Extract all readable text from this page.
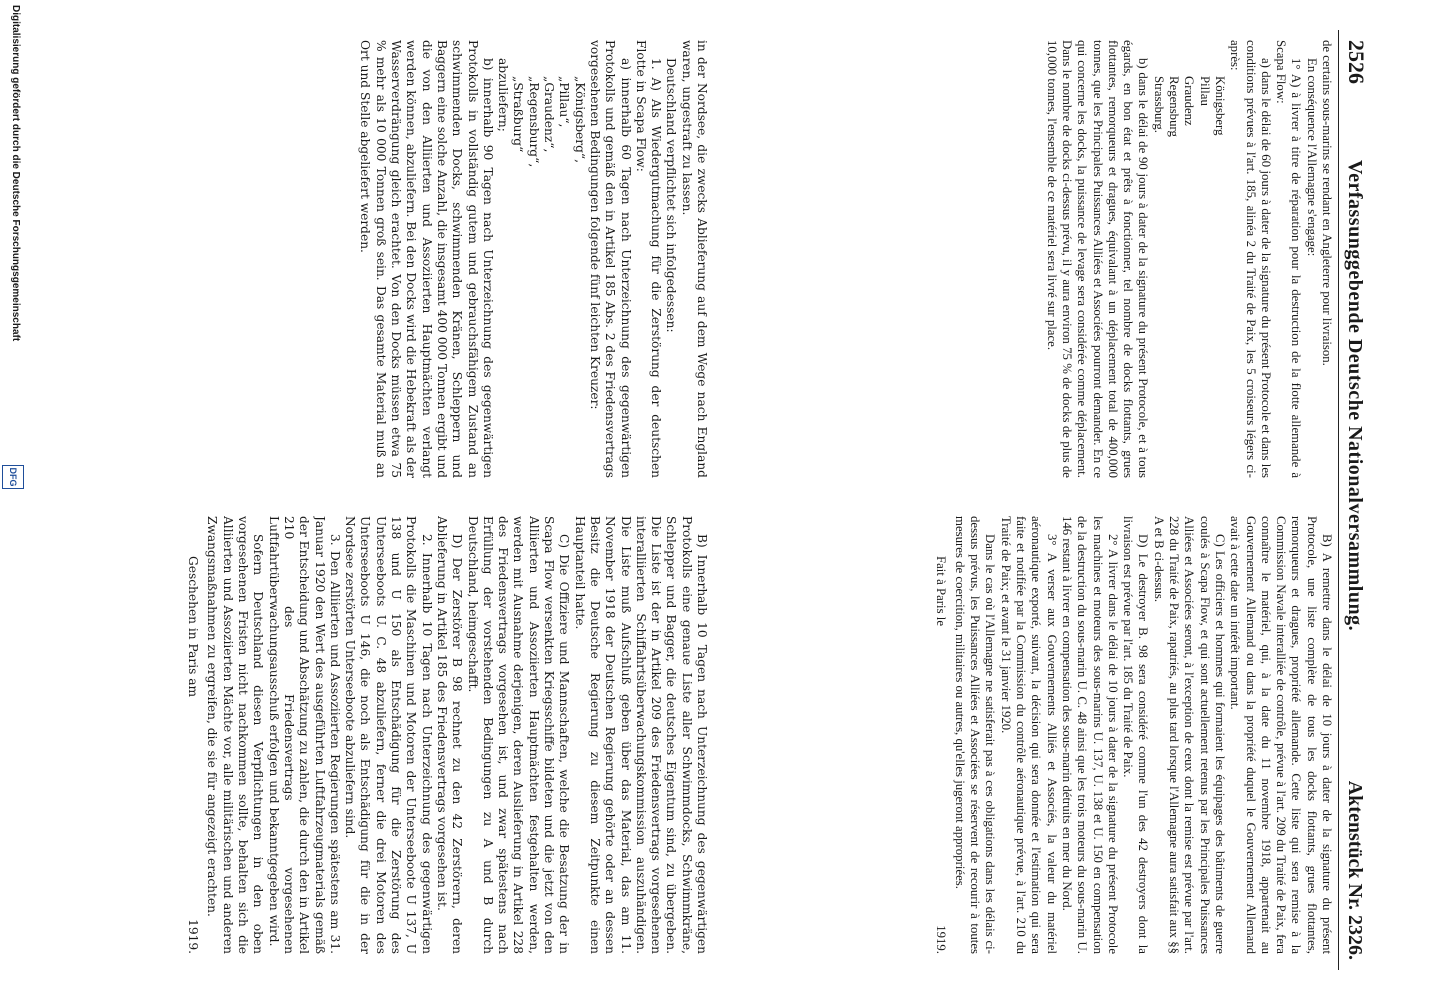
2526
Verfassunggebende Deutsche Nationalversammlung.
Aktenstück Nr. 2326.

de certains sous-marins se rendant en Angleterre pour livraison.

En conséquence l'Allemagne s'engage:

1° A) à livrer à titre de réparation pour la destruction de la flotte allemande à Scapa Flow:

a) dans le délai de 60 jours à dater de la signature du présent Protocole et dans les conditions prévues à l'art. 185, alinéa 2 du Traité de Paix, les 5 croiseurs légers ci-après:

Königsberg

Pillau

Graudenz

Regensburg

Strassburg.

b) dans le délai de 90 jours à dater de la signature du présent Protocole, et à tous égards, en bon état et prêts à fonctionner, tel nombre de docks flottants, grues flottantes, remorqueurs et dragues, équivalant à un déplacement total de 400,000 tonnes, que les Principales Puissances Alliées et Associées pourront demander. En ce qui concerne les docks, la puissance de levage sera considérée comme déplacement. Dans le nombre de docks ci-dessus prévu, il y aura environ 75 % de docks de plus de 10,000 tonnes, l'ensemble de ce matériel sera livré sur place.

B) A remettre dans le délai de 10 jours à dater de la signature du présent Protocole, une liste complète de tous les docks flottants, grues flottantes, remorqueurs et dragues, propriété allemande. Cette liste qui sera remise à la Commission Navale interalliée de contrôle, prévue à l'art. 209 du Traité de Paix, fera connaître le matériel, qui, à la date du 11 novembre 1918, appartenait au Gouvernement Allemand ou dans la propriété duquel le Gouvernement Allemand avait à cette date un intérêt important.

C) Les officiers et hommes qui formaient les équipages des bâtiments de guerre coulés à Scapa Flow, et qui sont actuellement retenus par les Principales Puissances Alliées et Associées seront, à l'exception de ceux dont la remise est prévue par l'art. 228 du Traité de Paix, rapatriés, au plus tard lorsque l'Allemagne aura satisfait aux §§ A et B ci-dessus.

D) Le destroyer B. 98 sera considéré comme l'un des 42 destroyers dont la livraison est prévue par l'art. 185 du Traité de Paix.

2° A livrer dans le délai de 10 jours à dater de la signature du présent Protocole les machines et moteurs des sous-marins U. 137, U. 138 et U. 150 en compensation de la destruction du sous-marin U. C. 48 ainsi que les trois moteurs du sous-marin U. 146 restant à livrer en compensation des sous-marin détruits en mer du Nord.

3° A verser aux Gouvernements Alliés et Associés, la valeur du matériel aéronautique exporté, suivant, la décision qui sera donnée et l'estimation qui sera faite et notifiée par la Commission du contrôle aéronautique prévue, à l'art. 210 du Traité de Paix; et avant le 31 janvier 1920.

Dans le cas où l'Allemagne ne satisferait pas à ces obligations dans les délais ci-dessus prévus, les Puissances Alliées et Associées se réservent de recourir à toutes mesures de coercition, militaires ou autres, qu'elles jugeront appropriées.

Fait à Paris le
1919.

in der Nordsee, die zwecks Ablieferung auf dem Wege nach England waren, ungestraft zu lassen.

Deutschland verpflichtet sich infolgedessen:

1. A) Als Wiedergutmachung für die Zerstörung der deutschen Flotte in Scapa Flow:

a) innerhalb 60 Tagen nach Unterzeichnung des gegenwärtigen Protokolls und gemäß den in Artikel 185 Abs. 2 des Friedensvertrags vorgesehenen Bedingungen folgende fünf leichten Kreuzer:

„Königsberg“,

„Pillau“,

„Graudenz“,

„Regensburg“,

„Straßburg“

abzuliefern;

b) innerhalb 90 Tagen nach Unterzeichnung des gegenwärtigen Protokolls in vollständig gutem und gebrauchsfähigem Zustand an schwimmenden Docks, schwimmenden Kränen, Schleppern und Baggern eine solche Anzahl, die insgesamt 400 000 Tonnen ergibt und die von den Alliierten und Assoziierten Hauptmächten verlangt werden können, abzuliefern. Bei den Docks wird die Hebekraft als der Wasserverdrängung gleich erachtet. Von den Docks müssen etwa 75 % mehr als 10 000 Tonnen groß sein. Das gesamte Material muß an Ort und Stelle abgeliefert werden.

B) Innerhalb 10 Tagen nach Unterzeichnung des gegenwärtigen Protokolls eine genaue Liste aller Schwimmdocks, Schwimmkräne, Schlepper und Bagger, die deutsches Eigentum sind, zu übergeben. Die Liste ist der in Artikel 209 des Friedensvertrags vorgesehenen interalliierten Schiffahrtsüberwachungskommission auszuhändigen. Die Liste muß Aufschluß geben über das Material, das am 11. November 1918 der Deutschen Regierung gehörte oder an dessen Besitz die Deutsche Regierung zu diesem Zeitpunkte einen Hauptanteil hatte.

C) Die Offiziere und Mannschaften, welche die Besatzung der in Scapa Flow versenkten Kriegsschiffe bildeten und die jetzt von den Alliierten und Assoziierten Hauptmächten festgehalten werden, werden mit Ausnahme derjenigen, deren Auslieferung in Artikel 228 des Friedensvertrags vorgesehen ist, und zwar spätestens nach Erfüllung der vorstehenden Bedingungen zu A und B durch Deutschland, heimgeschafft.

D) Der Zerstörer B 98 rechnet zu den 42 Zerstörern, deren Ablieferung in Artikel 185 des Friedensvertrags vorgesehen ist.

2. Innerhalb 10 Tagen nach Unterzeichnung des gegenwärtigen Protokolls die Maschinen und Motoren der Unterseeboote U 137, U 138 und U 150 als Entschädigung für die Zerstörung des Unterseeboots U. C. 48 abzuliefern, ferner die drei Motoren des Unterseeboots U 146, die noch als Entschädigung für die in der Nordsee zerstörten Unterseeboote abzuliefern sind.

3. Den Alliierten und Assoziierten Regierungen spätestens am 31. Januar 1920 den Wert des ausgeführten Luftfahrzeugmaterials gemäß der Entscheidung und Abschätzung zu zahlen, die durch den in Artikel 210 des Friedensvertrags vorgesehenen Luftfahrtüberwachungsausschuß erfolgen und bekanntgegeben wird.

Sofern Deutschland diesen Verpflichtungen in den oben vorgesehenen Fristen nicht nachkommen sollte, behalten sich die Alliierten und Assoziierten Mächte vor, alle militärischen und anderen Zwangsmaßnahmen zu ergreifen, die sie für angezeigt erachten.

Geschehen in Paris am
1919.

Digitalisierung gefördert durch die Deutsche Forschungsgemeinschaft
DFG
